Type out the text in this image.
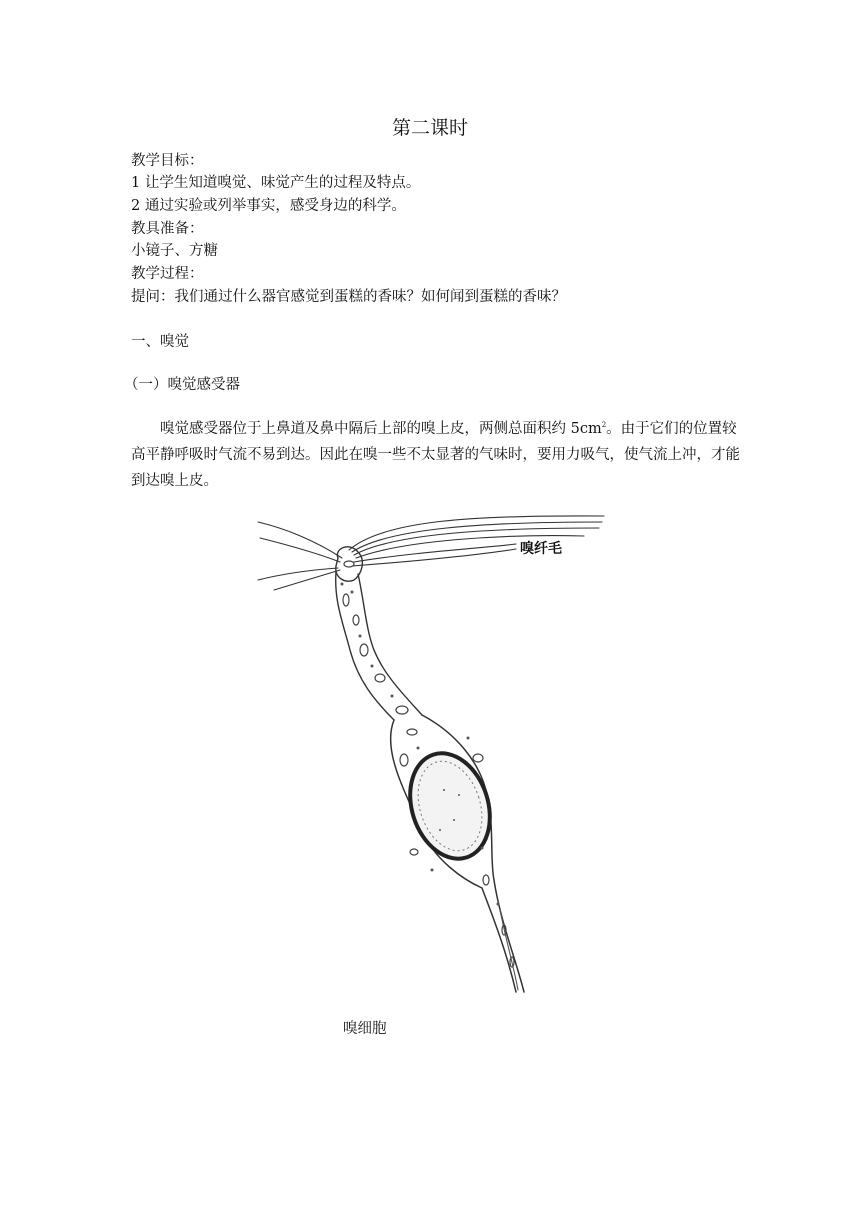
第二课时
教学目标：
1 让学生知道嗅觉、味觉产生的过程及特点。
2 通过实验或列举事实，感受身边的科学。
教具准备：
小镜子、方糖
教学过程：
提问：我们通过什么器官感觉到蛋糕的香味？如何闻到蛋糕的香味？
一、嗅觉
（一）嗅觉感受器
嗅觉感受器位于上鼻道及鼻中隔后上部的嗅上皮，两侧总面积约 $5cm^2$。由于它们的位置较高平静呼吸时气流不易到达。因此在嗅一些不太显著的气味时，要用力吸气，使气流上冲，才能到达嗅上皮。
嗅纤毛
嗅细胞
